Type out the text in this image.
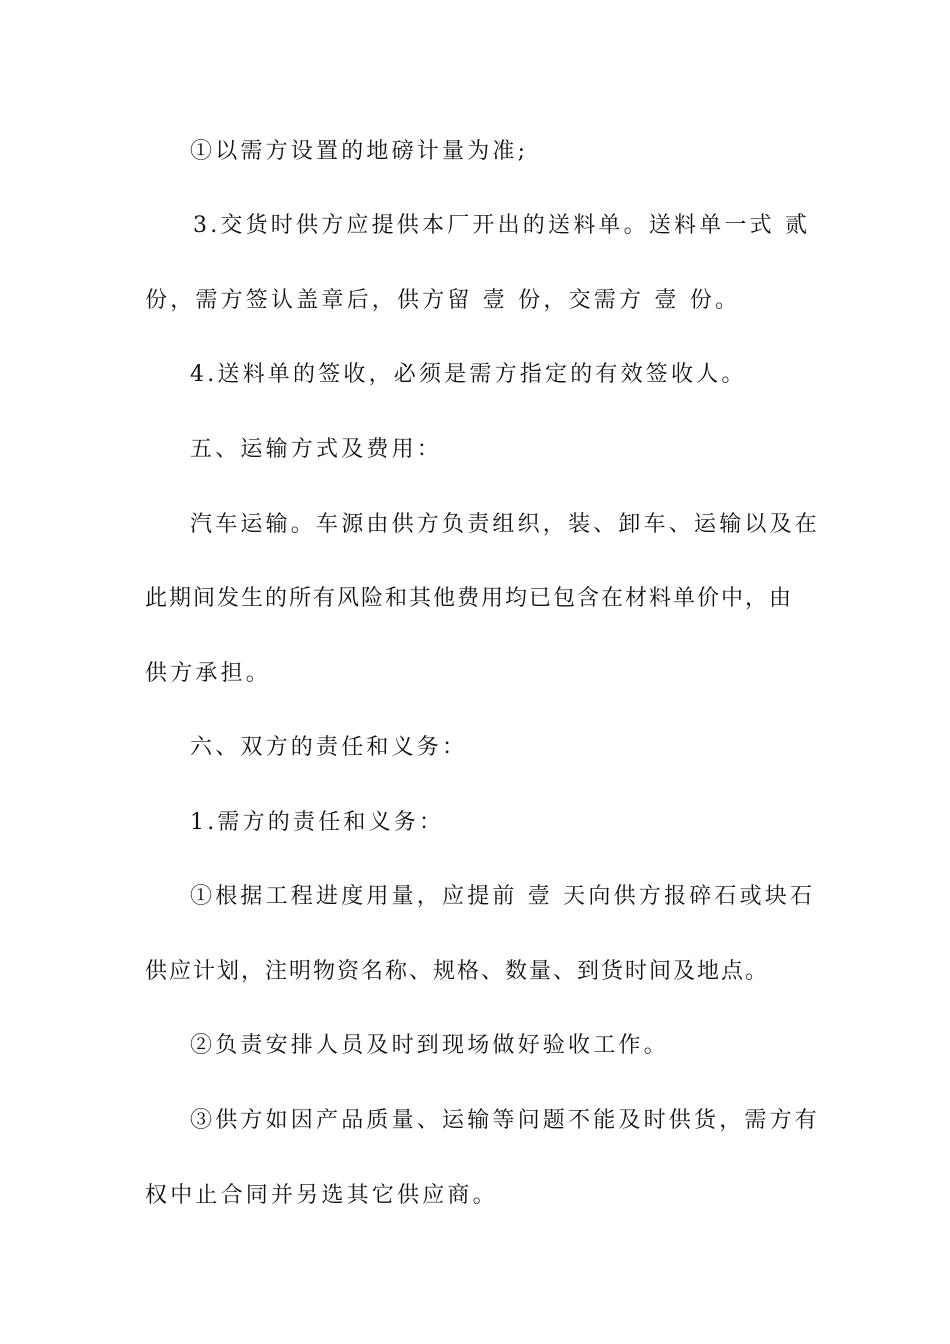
①以需方设置的地磅计量为准;
3.交货时供方应提供本厂开出的送料单。送料单一式 贰
份，需方签认盖章后，供方留 壹 份，交需方 壹 份。
4.送料单的签收，必须是需方指定的有效签收人。
五、运输方式及费用：
汽车运输。车源由供方负责组织，装、卸车、运输以及在
此期间发生的所有风险和其他费用均已包含在材料单价中，由
供方承担。
六、双方的责任和义务：
1.需方的责任和义务：
①根据工程进度用量，应提前 壹 天向供方报碎石或块石
供应计划，注明物资名称、规格、数量、到货时间及地点。
②负责安排人员及时到现场做好验收工作。
③供方如因产品质量、运输等问题不能及时供货，需方有
权中止合同并另选其它供应商。
